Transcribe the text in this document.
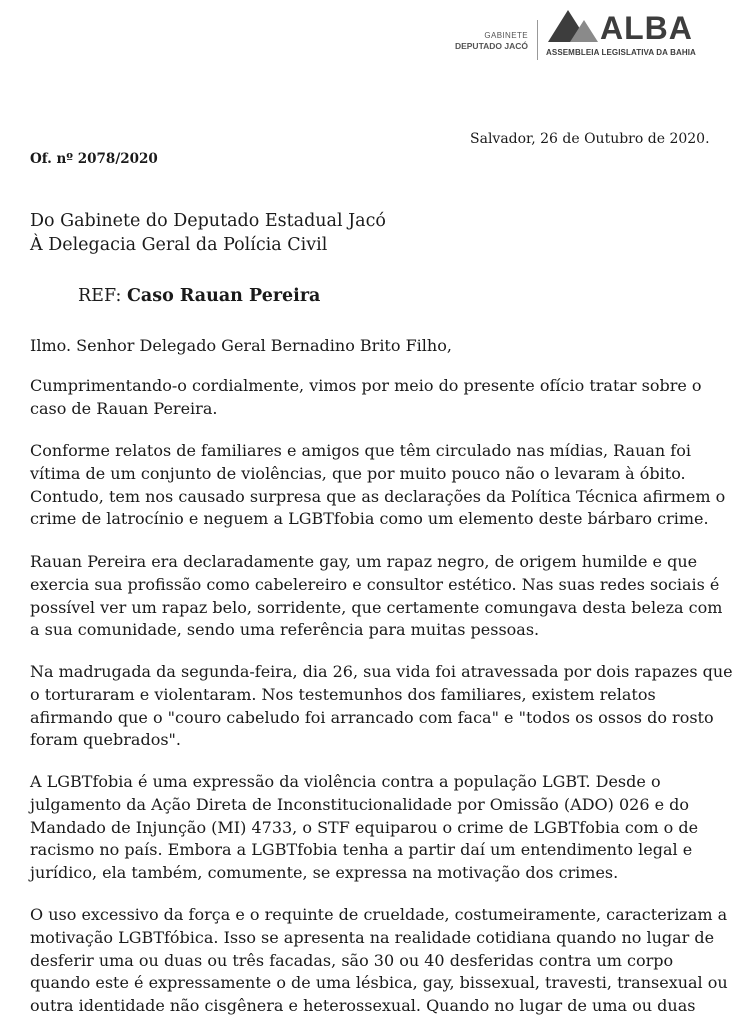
GABINETE
DEPUTADO JACÓ ALBA
ASSEMBLEIA LEGISLATIVA DA BAHIA
Salvador, 26 de Outubro de 2020.
Of. nº 2078/2020
Do Gabinete do Deputado Estadual Jacó
À Delegacia Geral da Polícia Civil
REF: Caso Rauan Pereira
Ilmo. Senhor Delegado Geral Bernadino Brito Filho,
Cumprimentando-o cordialmente, vimos por meio do presente ofício tratar sobre o
caso de Rauan Pereira.
Conforme relatos de familiares e amigos que têm circulado nas mídias, Rauan foi
vítima de um conjunto de violências, que por muito pouco não o levaram à óbito.
Contudo, tem nos causado surpresa que as declarações da Política Técnica afirmem o
crime de latrocínio e neguem a LGBTfobia como um elemento deste bárbaro crime.
Rauan Pereira era declaradamente gay, um rapaz negro, de origem humilde e que
exercia sua profissão como cabelereiro e consultor estético. Nas suas redes sociais é
possível ver um rapaz belo, sorridente, que certamente comungava desta beleza com
a sua comunidade, sendo uma referência para muitas pessoas.
Na madrugada da segunda-feira, dia 26, sua vida foi atravessada por dois rapazes que
o torturaram e violentaram. Nos testemunhos dos familiares, existem relatos
afirmando que o "couro cabeludo foi arrancado com faca" e "todos os ossos do rosto
foram quebrados".
A LGBTfobia é uma expressão da violência contra a população LGBT. Desde o
julgamento da Ação Direta de Inconstitucionalidade por Omissão (ADO) 026 e do
Mandado de Injunção (MI) 4733, o STF equiparou o crime de LGBTfobia com o de
racismo no país. Embora a LGBTfobia tenha a partir daí um entendimento legal e
jurídico, ela também, comumente, se expressa na motivação dos crimes.
O uso excessivo da força e o requinte de crueldade, costumeiramente, caracterizam a
motivação LGBTfóbica. Isso se apresenta na realidade cotidiana quando no lugar de
desferir uma ou duas ou três facadas, são 30 ou 40 desferidas contra um corpo
quando este é expressamente o de uma lésbica, gay, bissexual, travesti, transexual ou
outra identidade não cisgênera e heterossexual. Quando no lugar de uma ou duas
